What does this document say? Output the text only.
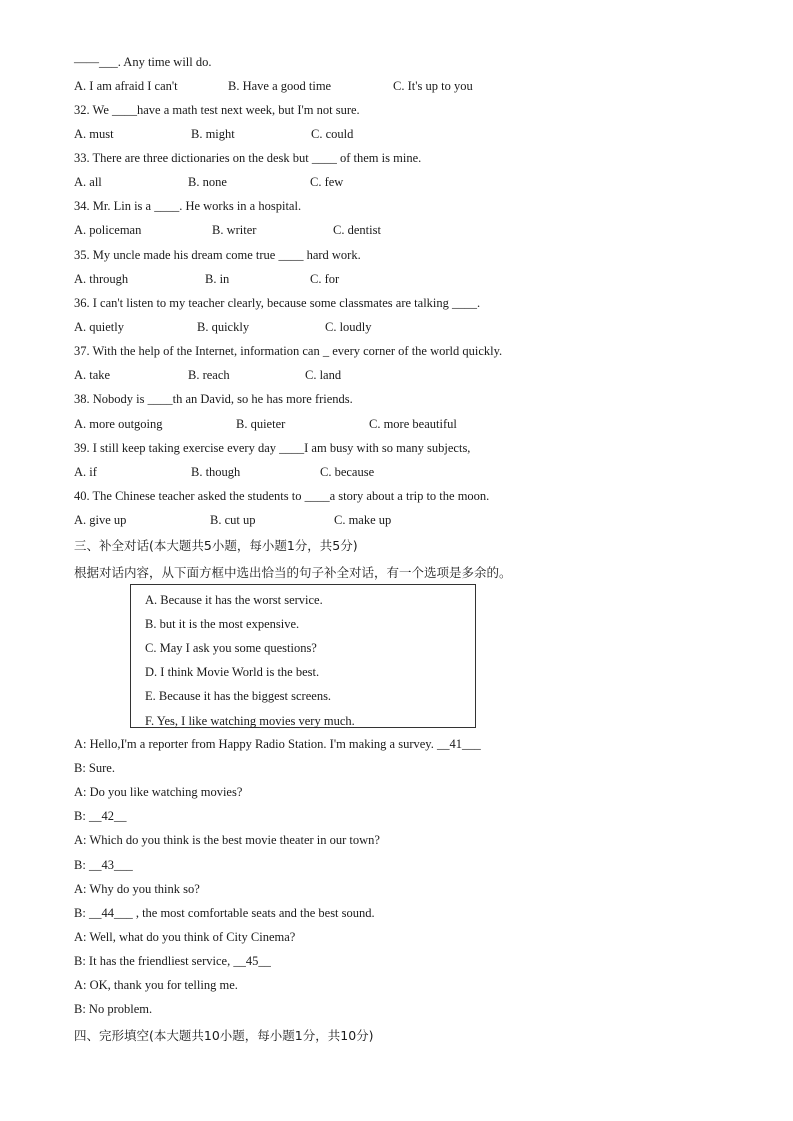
——___. Any time will do.
A. I am afraid I can't	B. Have a good time	C. It's up to you
32. We ____have a math test next week, but I'm not sure.
A. must	B. might	C. could
33. There are three dictionaries on the desk but ____ of them is mine.
A. all	B. none	C. few
34. Mr. Lin is a ____. He works in a hospital.
A. policeman	B. writer	C. dentist
35. My uncle made his dream come true ____ hard work.
A. through	B. in	C. for
36. I can't listen to my teacher clearly, because some classmates are talking ____.
A. quietly	B. quickly	C. loudly
37. With the help of the Internet, information can _ every corner of the world quickly.
A. take	B. reach	C. land
38. Nobody is ____th an David, so he has more friends.
A. more outgoing	B. quieter	C. more beautiful
39. I still keep taking exercise every day ____I am busy with so many subjects,
A. if	B. though	C. because
40. The Chinese teacher asked the students to ____a story about a trip to the moon.
A. give up	B. cut up	C. make up
三、补全对话(本大题共5小题，每小题1分，共5分)
根据对话内容，从下面方框中选出恰当的句子补全对话，有一个选项是多余的。
A. Because it has the worst service.
B. but it is the most expensive.
C. May I ask you some questions?
D. I think Movie World is the best.
E. Because it has the biggest screens.
F. Yes, I like watching movies very much.
A: Hello,I'm a reporter from Happy Radio Station. I'm making a survey. __41___
B: Sure.
A: Do you like watching movies?
B: __42__
A: Which do you think is the best movie theater in our town?
B: __43___
A: Why do you think so?
B: __44___ , the most comfortable seats and the best sound.
A: Well, what do you think of City Cinema?
B: It has the friendliest service, __45__
A: OK, thank you for telling me.
B: No problem.
四、完形填空(本大题共10小题，每小题1分，共10分)
